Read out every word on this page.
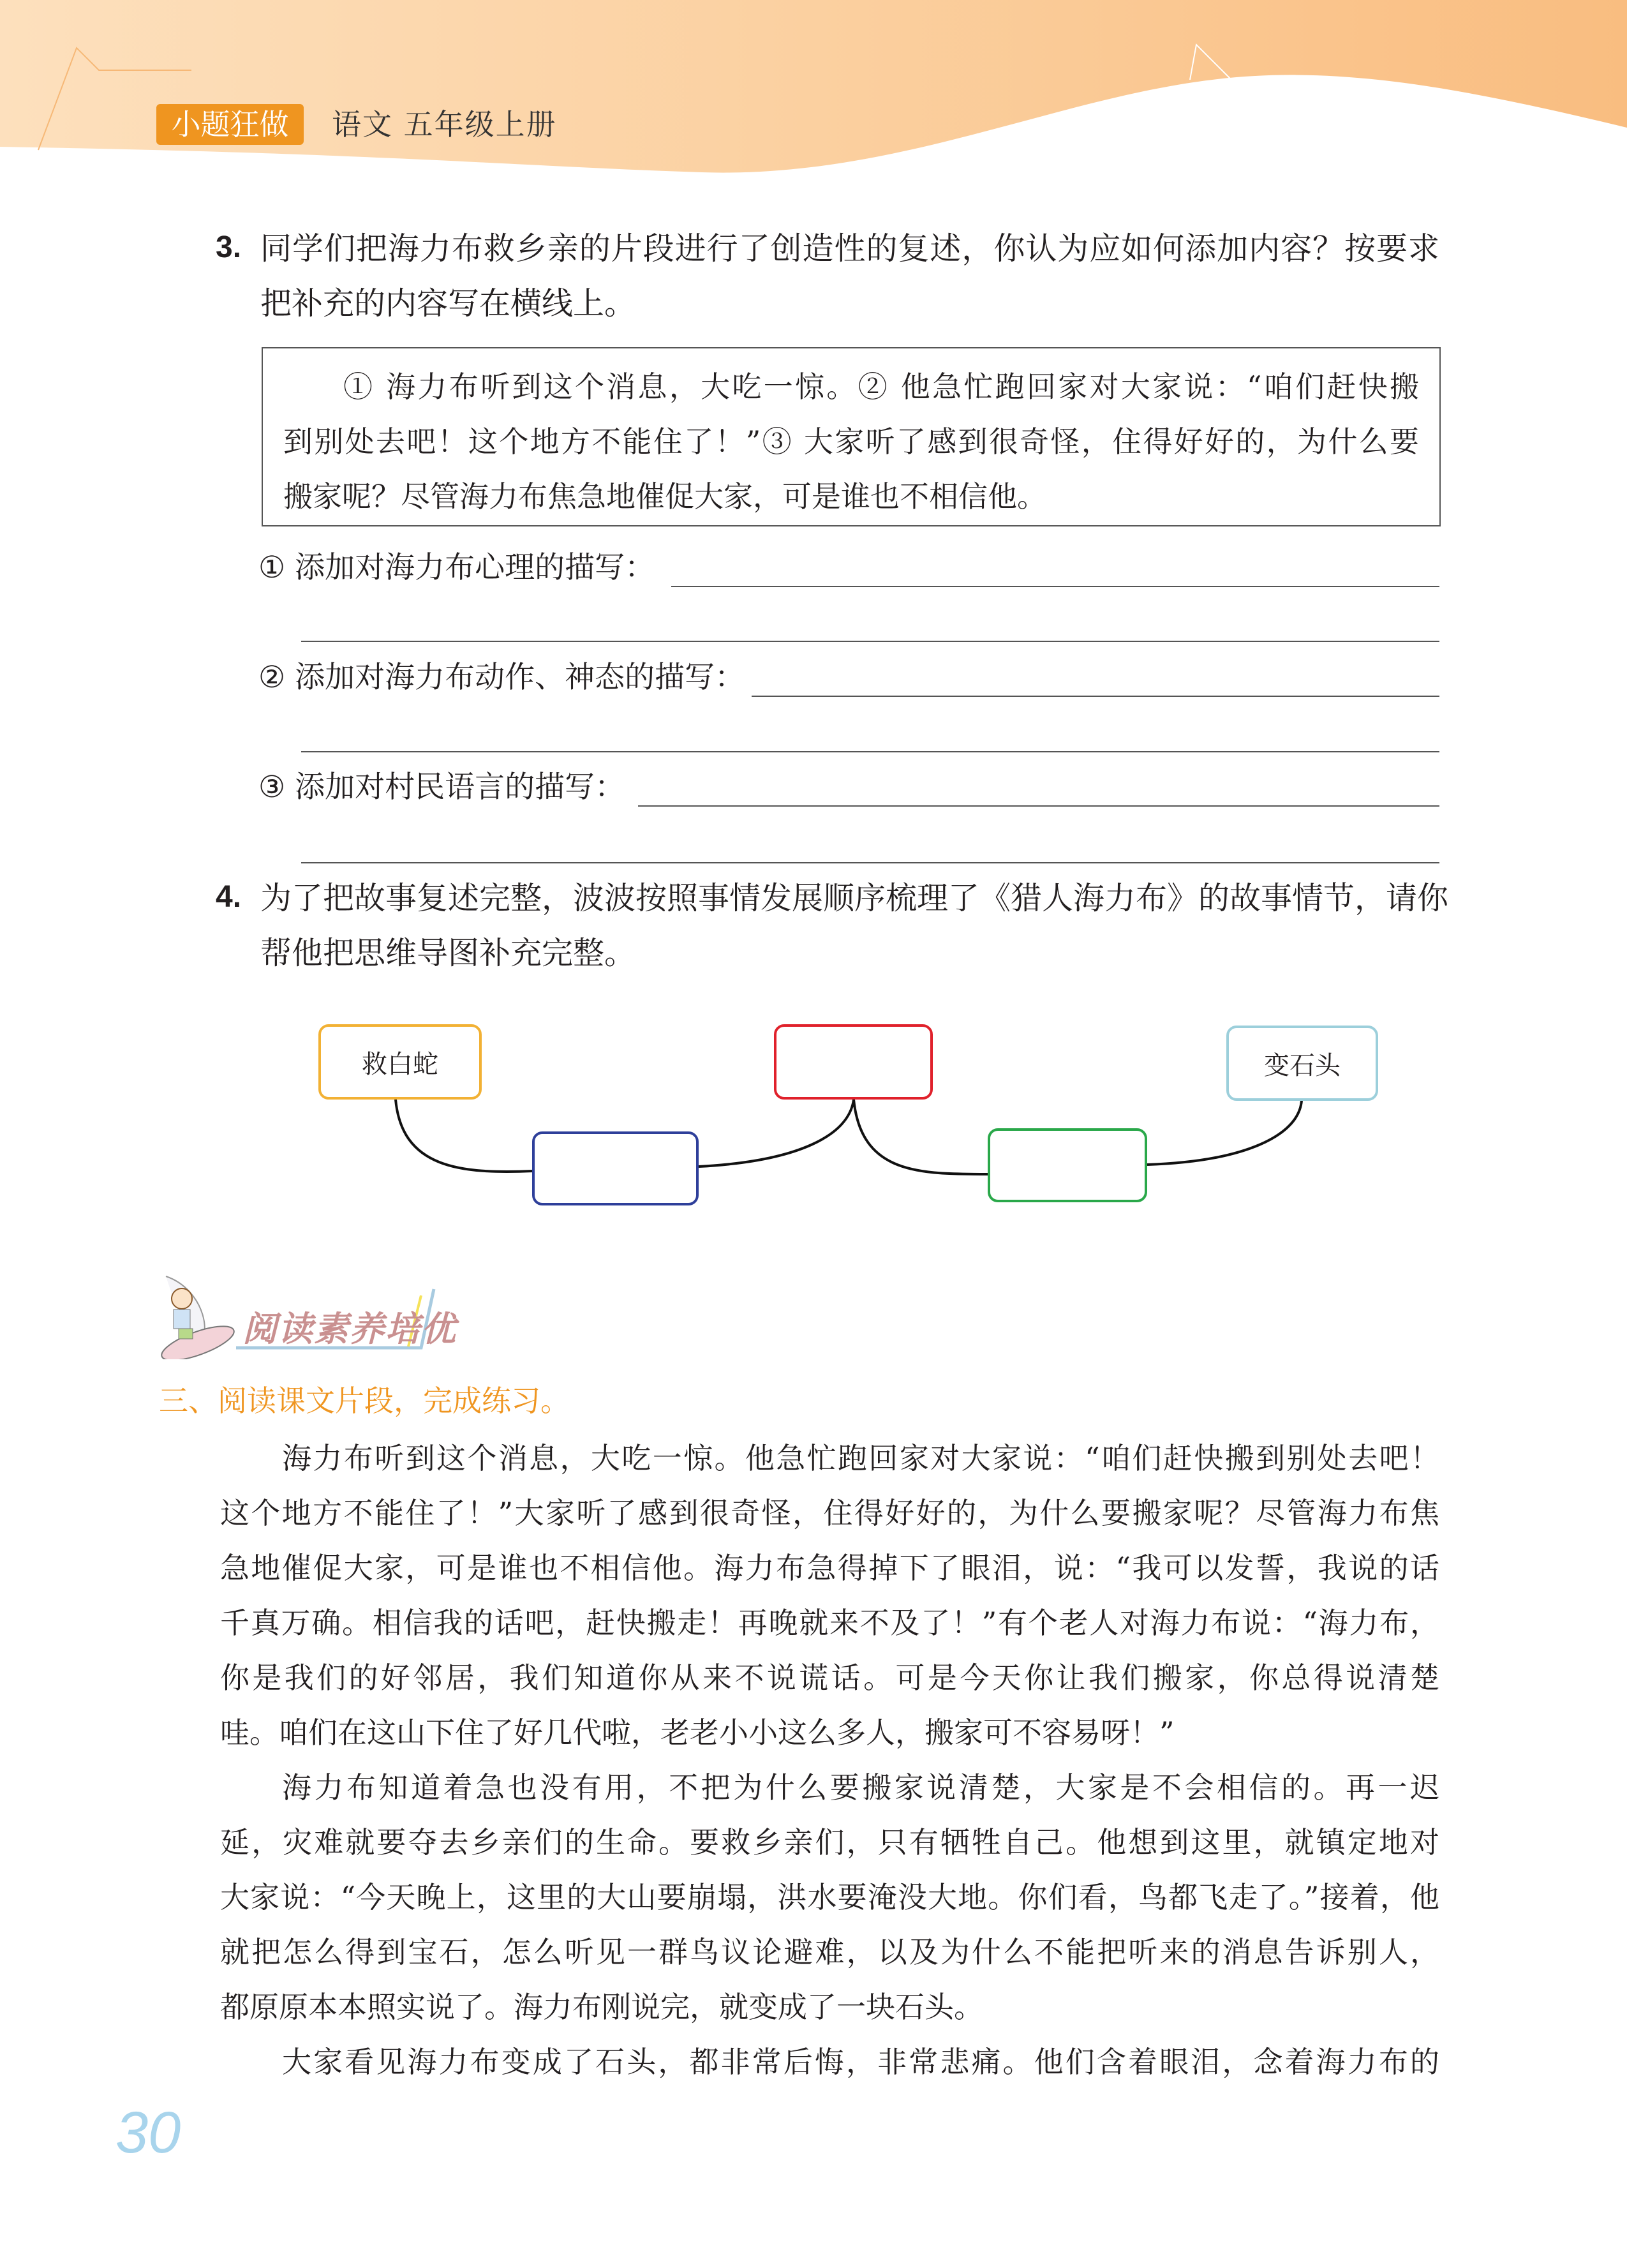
小题狂做	语文 五年级上册
3. 同学们把海力布救乡亲的片段进行了创造性的复述，你认为应如何添加内容？按要求
把补充的内容写在横线上。
① 海力布听到这个消息，大吃一惊。② 他急忙跑回家对大家说：“咱们赶快搬
到别处去吧！这个地方不能住了！”③ 大家听了感到很奇怪，住得好好的，为什么要
搬家呢？尽管海力布焦急地催促大家，可是谁也不相信他。
① 添加对海力布心理的描写：
② 添加对海力布动作、神态的描写：
③ 添加对村民语言的描写：
4. 为了把故事复述完整，波波按照事情发展顺序梳理了《猎人海力布》的故事情节，请你
帮他把思维导图补充完整。
救白蛇	变石头
阅读素养培优
三、阅读课文片段，完成练习。
海力布听到这个消息，大吃一惊。他急忙跑回家对大家说：“咱们赶快搬到别处去吧！
这个地方不能住了！”大家听了感到很奇怪，住得好好的，为什么要搬家呢？尽管海力布焦
急地催促大家，可是谁也不相信他。海力布急得掉下了眼泪，说：“我可以发誓，我说的话
千真万确。相信我的话吧，赶快搬走！再晚就来不及了！”有个老人对海力布说：“海力布，
你是我们的好邻居，我们知道你从来不说谎话。可是今天你让我们搬家，你总得说清楚
哇。咱们在这山下住了好几代啦，老老小小这么多人，搬家可不容易呀！”
海力布知道着急也没有用，不把为什么要搬家说清楚，大家是不会相信的。再一迟
延，灾难就要夺去乡亲们的生命。要救乡亲们，只有牺牲自己。他想到这里，就镇定地对
大家说：“今天晚上，这里的大山要崩塌，洪水要淹没大地。你们看，鸟都飞走了。”接着，他
就把怎么得到宝石，怎么听见一群鸟议论避难，以及为什么不能把听来的消息告诉别人，
都原原本本照实说了。海力布刚说完，就变成了一块石头。
大家看见海力布变成了石头，都非常后悔，非常悲痛。他们含着眼泪，念着海力布的
30
